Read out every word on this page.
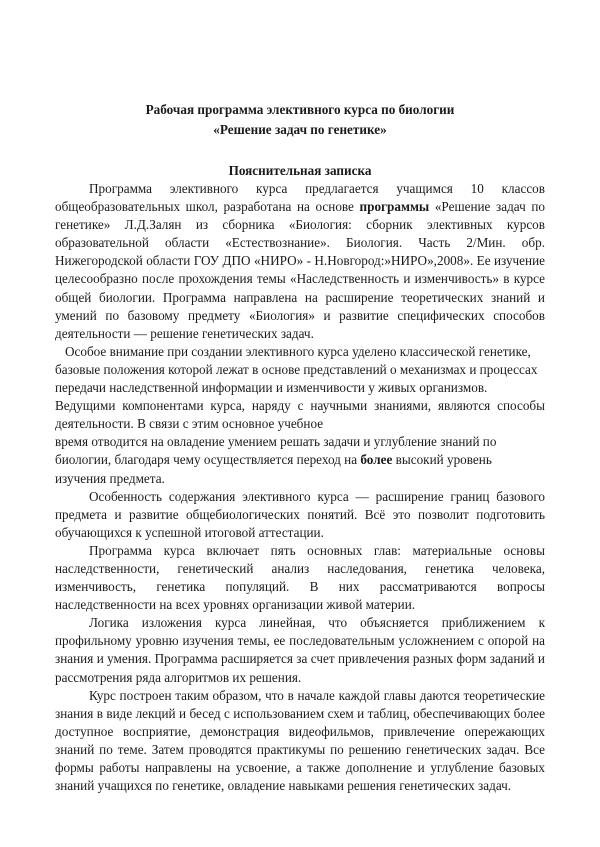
Рабочая программа элективного курса по биологии
«Решение задач по генетике»
Пояснительная записка

Программа элективного курса предлагается учащимся 10 классов общеобразовательных школ, разработана на основе программы «Решение задач по генетике» Л.Д.Залян из сборника «Биология: сборник элективных курсов образовательной области «Естествознание». Биология. Часть 2/Мин. обр. Нижегородской области ГОУ ДПО «НИРО» - Н.Новгород:»НИРО»,2008». Ее изучение целесообразно после прохождения темы «Наследственность и изменчивость» в курсе общей биологии. Программа направлена на расширение теоретических знаний и умений по базовому предмету «Биология» и развитие специфических способов деятельности — решение генетических задач.

Особое внимание при создании элективного курса уделено классической генетике, базовые положения которой лежат в основе представлений о механизмах и процессах передачи наследственной информации и изменчивости у живых организмов.

Ведущими компонентами курса, наряду с научными знаниями, являются способы деятельности. В связи с этим основное учебное

время отводится на овладение умением решать задачи и углубление знаний по биологии, благодаря чему осуществляется переход на более высокий уровень изучения предмета.

Особенность содержания элективного курса — расширение границ базового предмета и развитие общебиологических понятий. Всё это позволит подготовить обучающихся к успешной итоговой аттестации.

Программа курса включает пять основных глав: материальные основы наследственности, генетический анализ наследования, генетика человека, изменчивость, генетика популяций. В них рассматриваются вопросы наследственности на всех уровнях организации живой материи.

Логика изложения курса линейная, что объясняется приближением к профильному уровню изучения темы, ее последовательным усложнением с опорой на знания и умения. Программа расширяется за счет привлечения разных форм заданий и рассмотрения ряда алгоритмов их решения.

Курс построен таким образом, что в начале каждой главы даются теоретические знания в виде лекций и бесед с использованием схем и таблиц, обеспечивающих более доступное восприятие, демонстрация видеофильмов, привлечение опережающих знаний по теме. Затем проводятся практикумы по решению генетических задач. Все формы работы направлены на усвоение, а также дополнение и углубление базовых знаний учащихся по генетике, овладение навыками решения генетических задач.
